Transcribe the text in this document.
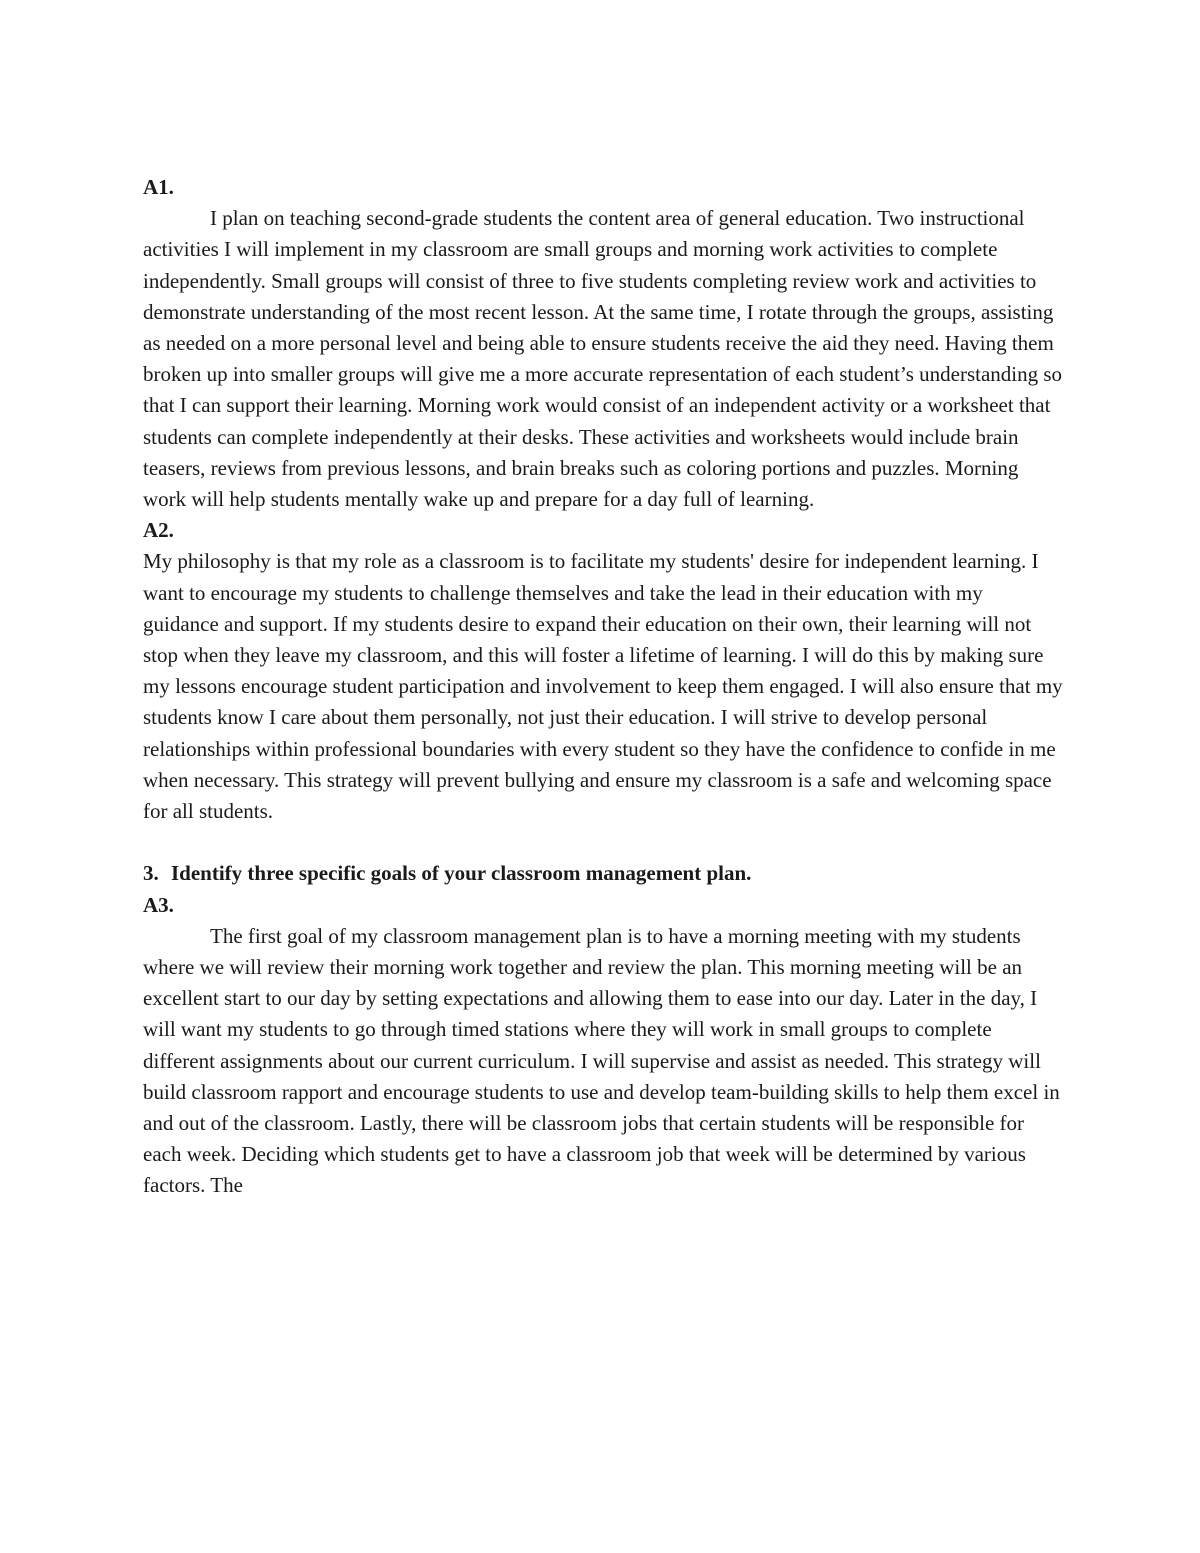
A1.

I plan on teaching second-grade students the content area of general education. Two instructional activities I will implement in my classroom are small groups and morning work activities to complete independently. Small groups will consist of three to five students completing review work and activities to demonstrate understanding of the most recent lesson. At the same time, I rotate through the groups, assisting as needed on a more personal level and being able to ensure students receive the aid they need. Having them broken up into smaller groups will give me a more accurate representation of each student’s understanding so that I can support their learning. Morning work would consist of an independent activity or a worksheet that students can complete independently at their desks. These activities and worksheets would include brain teasers, reviews from previous lessons, and brain breaks such as coloring portions and puzzles. Morning work will help students mentally wake up and prepare for a day full of learning.

A2.

My philosophy is that my role as a classroom is to facilitate my students' desire for independent learning. I want to encourage my students to challenge themselves and take the lead in their education with my guidance and support. If my students desire to expand their education on their own, their learning will not stop when they leave my classroom, and this will foster a lifetime of learning. I will do this by making sure my lessons encourage student participation and involvement to keep them engaged. I will also ensure that my students know I care about them personally, not just their education. I will strive to develop personal relationships within professional boundaries with every student so they have the confidence to confide in me when necessary. This strategy will prevent bullying and ensure my classroom is a safe and welcoming space for all students.

3. Identify three specific goals of your classroom management plan.

A3.

The first goal of my classroom management plan is to have a morning meeting with my students where we will review their morning work together and review the plan. This morning meeting will be an excellent start to our day by setting expectations and allowing them to ease into our day. Later in the day, I will want my students to go through timed stations where they will work in small groups to complete different assignments about our current curriculum. I will supervise and assist as needed. This strategy will build classroom rapport and encourage students to use and develop team-building skills to help them excel in and out of the classroom. Lastly, there will be classroom jobs that certain students will be responsible for each week. Deciding which students get to have a classroom job that week will be determined by various factors. The
